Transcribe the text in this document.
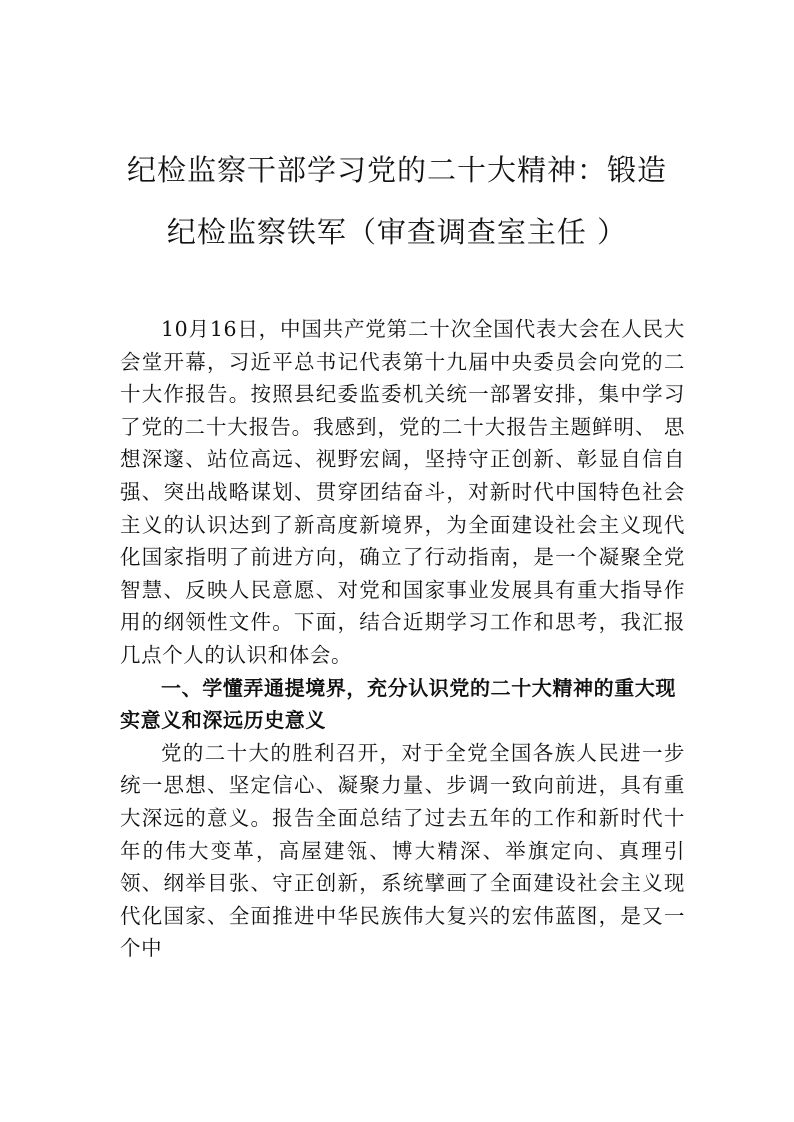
纪检监察干部学习党的二十大精神：锻造
纪检监察铁军（审查调查室主任 ）

10月16日，中国共产党第二十次全国代表大会在人民大会堂开幕，习近平总书记代表第十九届中央委员会向党的二十大作报告。按照县纪委监委机关统一部署安排，集中学习了党的二十大报告。我感到，党的二十大报告主题鲜明、 思想深邃、站位高远、视野宏阔，坚持守正创新、彰显自信自强、突出战略谋划、贯穿团结奋斗，对新时代中国特色社会主义的认识达到了新高度新境界，为全面建设社会主义现代化国家指明了前进方向，确立了行动指南，是一个凝聚全党智慧、反映人民意愿、对党和国家事业发展具有重大指导作用的纲领性文件。下面，结合近期学习工作和思考，我汇报几点个人的认识和体会。

一、学懂弄通提境界，充分认识党的二十大精神的重大现实意义和深远历史意义

党的二十大的胜利召开，对于全党全国各族人民进一步统一思想、坚定信心、凝聚力量、步调一致向前进，具有重大深远的意义。报告全面总结了过去五年的工作和新时代十年的伟大变革，高屋建瓴、博大精深、举旗定向、真理引领、纲举目张、守正创新，系统擘画了全面建设社会主义现代化国家、全面推进中华民族伟大复兴的宏伟蓝图，是又一个中
